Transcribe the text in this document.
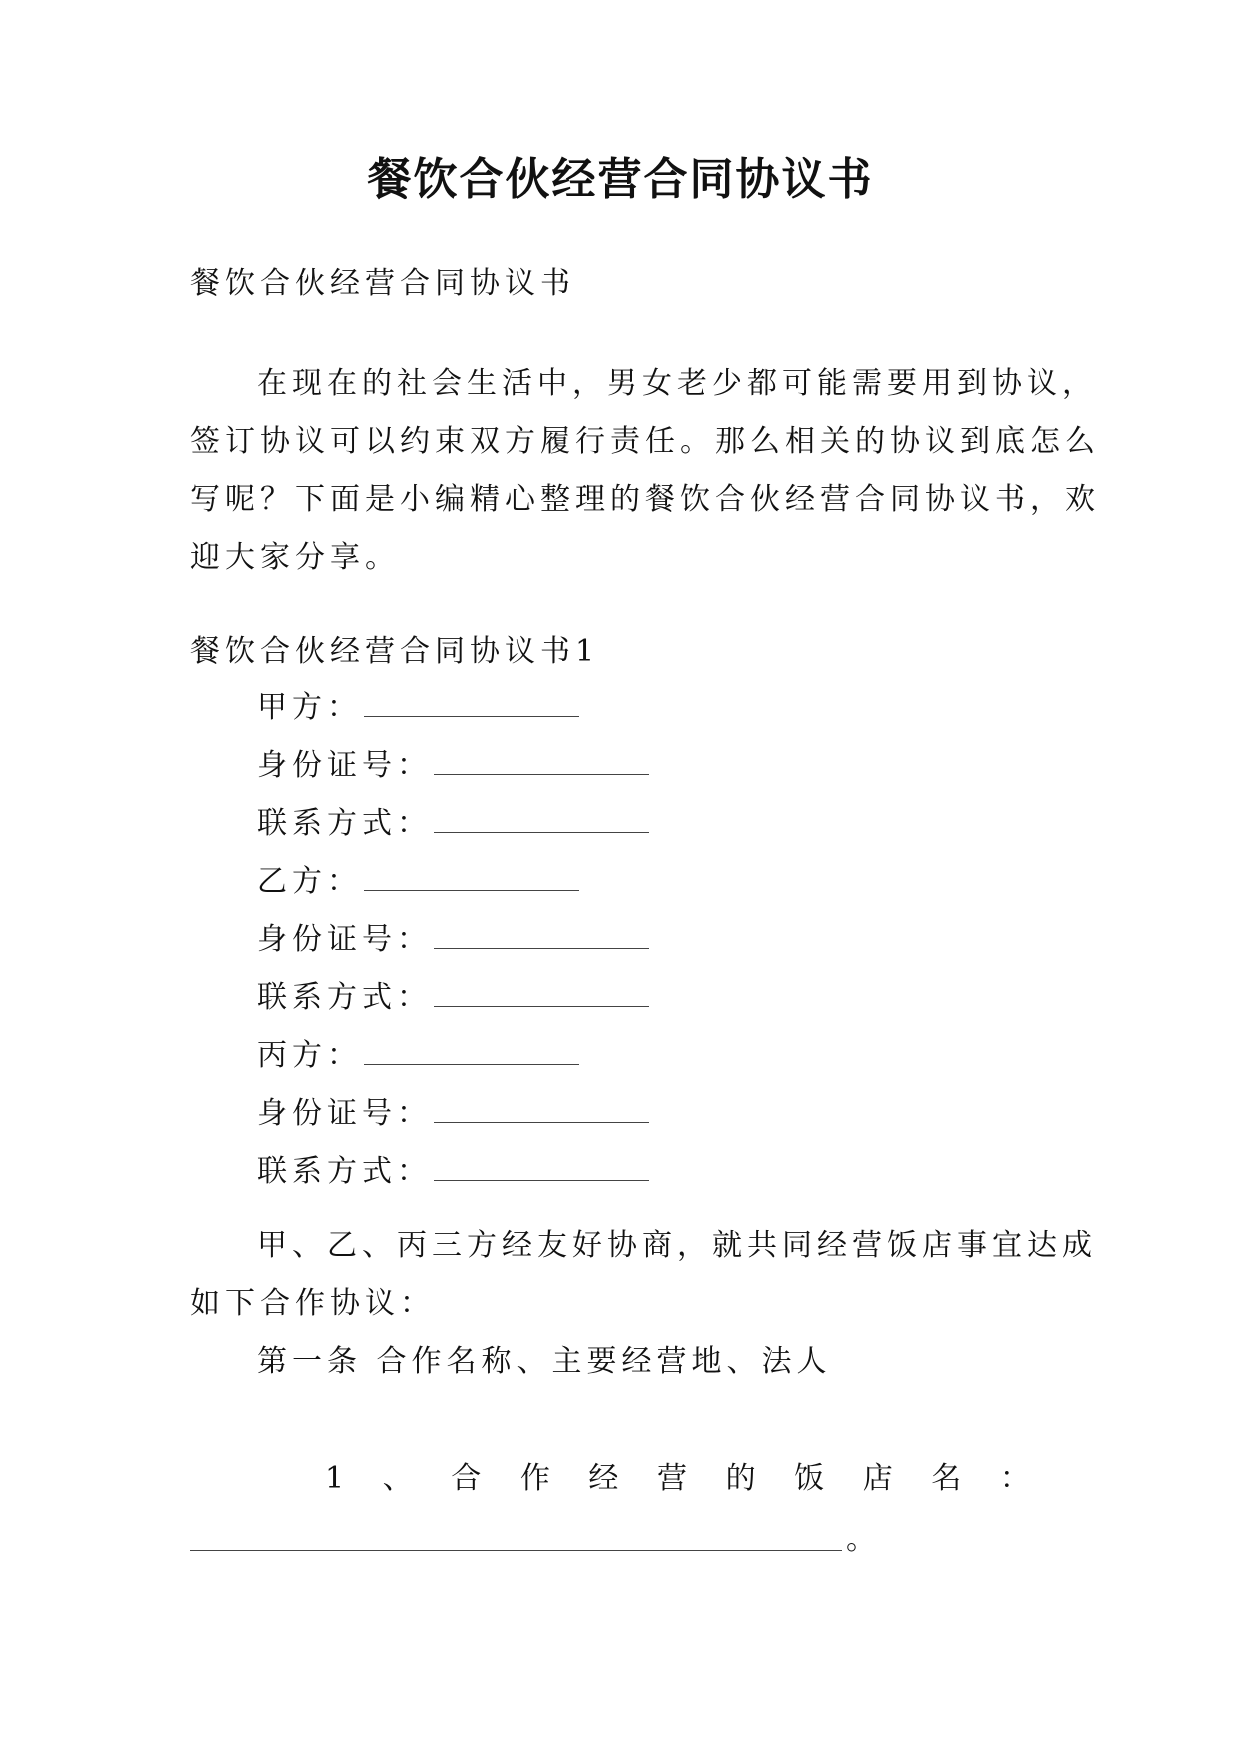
餐饮合伙经营合同协议书
餐饮合伙经营合同协议书
在现在的社会生活中，男女老少都可能需要用到协议，
签订协议可以约束双方履行责任。那么相关的协议到底怎么
写呢？下面是小编精心整理的餐饮合伙经营合同协议书，欢
迎大家分享。
餐饮合伙经营合同协议书1
甲方：
身份证号：
联系方式：
乙方：
身份证号：
联系方式：
丙方：
身份证号：
联系方式：
甲、乙、丙三方经友好协商，就共同经营饭店事宜达成
如下合作协议：
第一条 合作名称、主要经营地、法人
1 、 合 作 经 营 的 饭 店 名 ：
。
